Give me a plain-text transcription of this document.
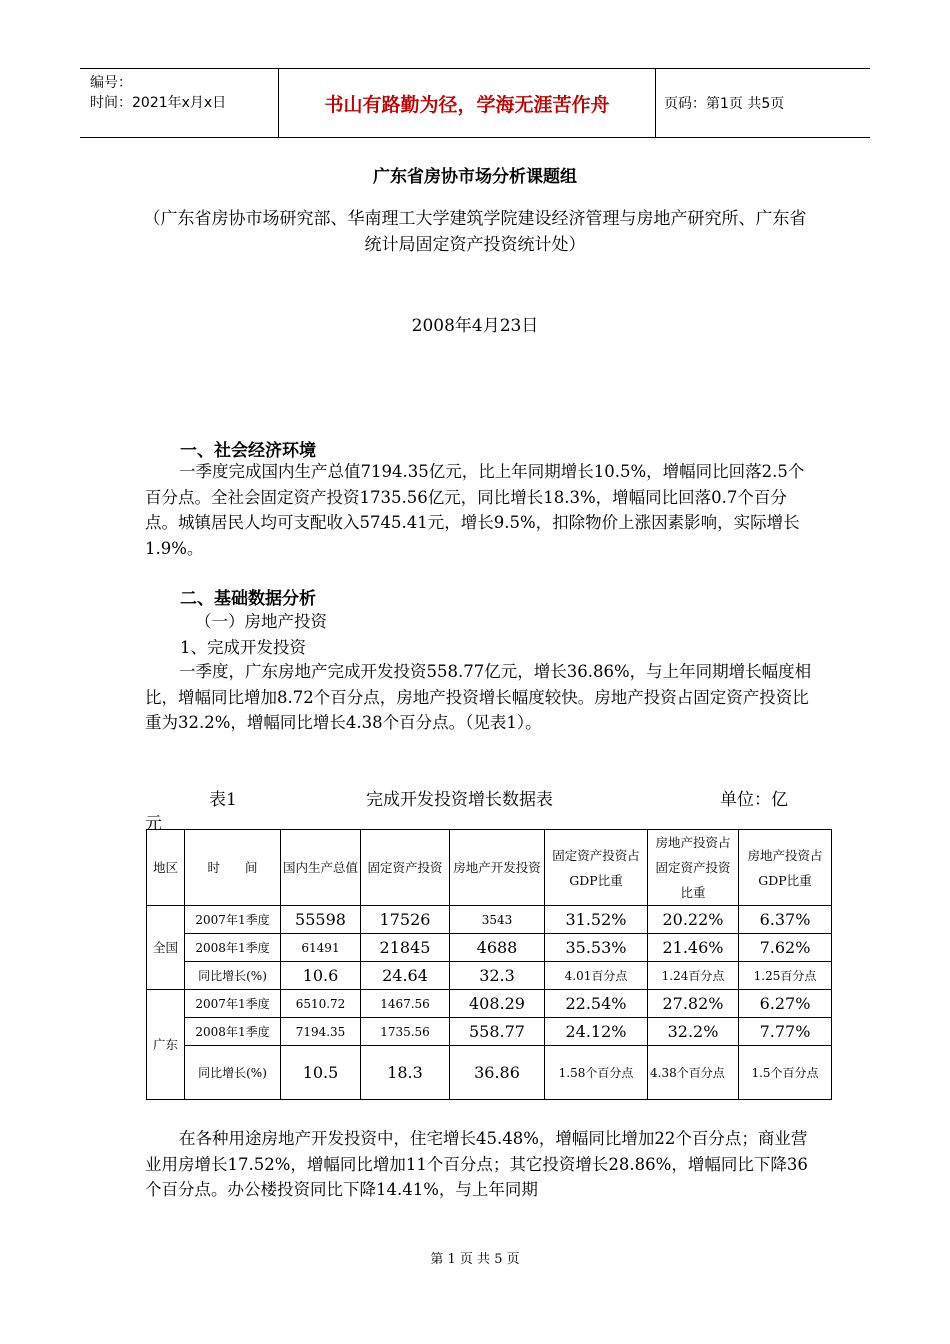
编号：
时间：2021年x月x日	书山有路勤为径，学海无涯苦作舟	页码：第1页 共5页
广东省房协市场分析课题组
（广东省房协市场研究部、华南理工大学建筑学院建设经济管理与房地产研究所、广东省统计局固定资产投资统计处）
2008年4月23日
一、社会经济环境
一季度完成国内生产总值7194.35亿元，比上年同期增长10.5%，增幅同比回落2.5个百分点。全社会固定资产投资1735.56亿元，同比增长18.3%，增幅同比回落0.7个百分点。城镇居民人均可支配收入5745.41元，增长9.5%，扣除物价上涨因素影响，实际增长1.9%。
二、基础数据分析
（一）房地产投资
1、完成开发投资
一季度，广东房地产完成开发投资558.77亿元，增长36.86%，与上年同期增长幅度相比，增幅同比增加8.72个百分点，房地产投资增长幅度较快。房地产投资占固定资产投资比重为32.2%，增幅同比增长4.38个百分点。（见表1）。
表1	完成开发投资增长数据表	单位：亿
元
地区	时　　间	国内生产总值	固定资产投资	房地产开发投资	固定资产投资占GDP比重	房地产投资占固定资产投资比重	房地产投资占GDP比重
全国	2007年1季度	55598	17526	3543	31.52%	20.22%	6.37%
	2008年1季度	61491	21845	4688	35.53%	21.46%	7.62%
	同比增长(%)	10.6	24.64	32.3	4.01百分点	1.24百分点	1.25百分点
广东	2007年1季度	6510.72	1467.56	408.29	22.54%	27.82%	6.27%
	2008年1季度	7194.35	1735.56	558.77	24.12%	32.2%	7.77%
	同比增长(%)	10.5	18.3	36.86	1.58个百分点	4.38个百分点	1.5个百分点
在各种用途房地产开发投资中，住宅增长45.48%，增幅同比增加22个百分点；商业营业用房增长17.52%，增幅同比增加11个百分点；其它投资增长28.86%，增幅同比下降36个百分点。办公楼投资同比下降14.41%，与上年同期
第 1 页 共 5 页
